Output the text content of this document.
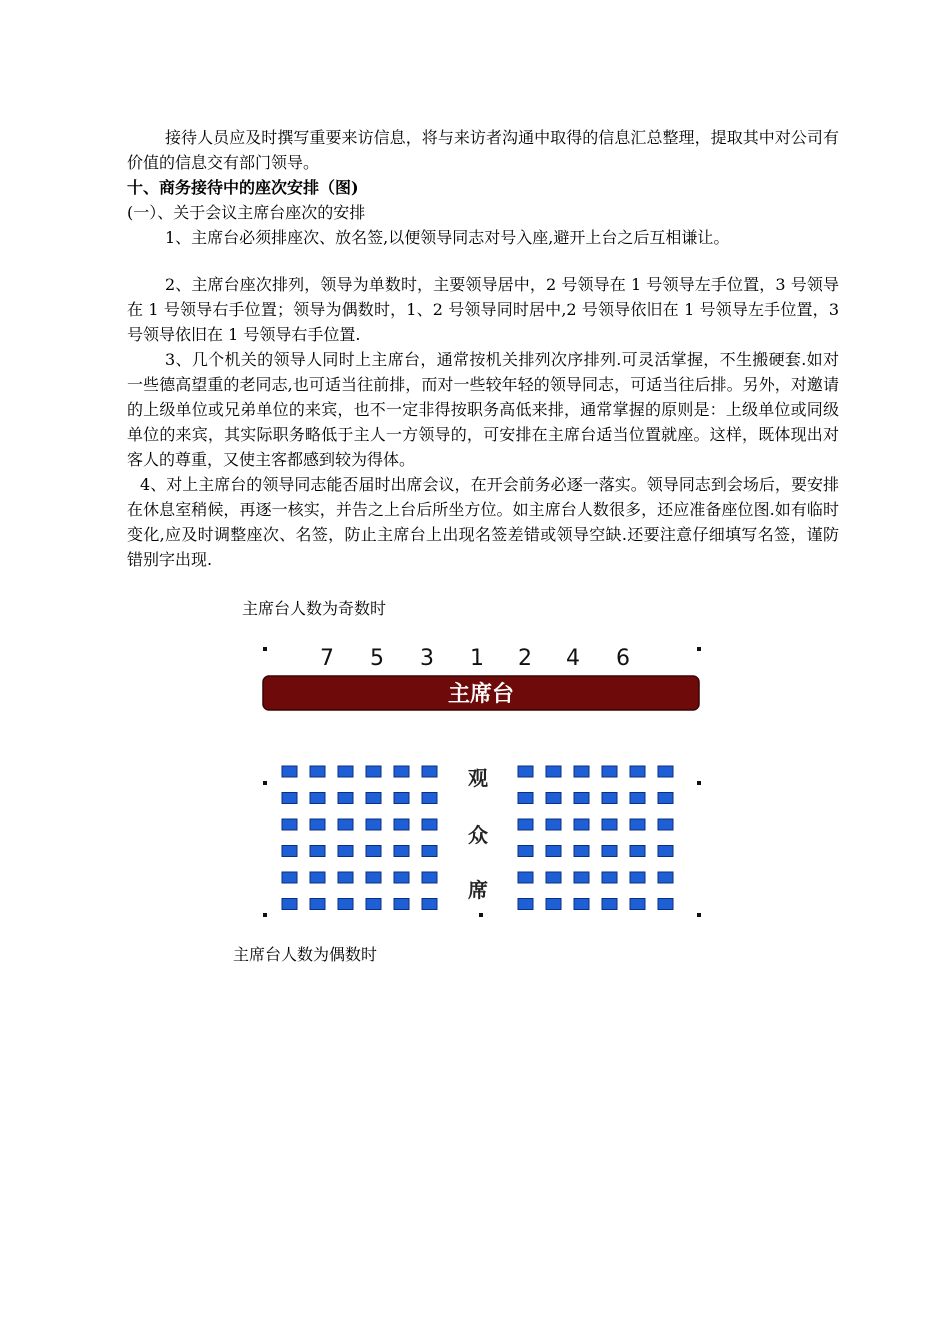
接待人员应及时撰写重要来访信息，将与来访者沟通中取得的信息汇总整理，提取其中对公司有价值的信息交有部门领导。

十、商务接待中的座次安排（图)

(一）、关于会议主席台座次的安排

1、主席台必须排座次、放名签,以便领导同志对号入座,避开上台之后互相谦让。

2、主席台座次排列，领导为单数时，主要领导居中，2 号领导在 1 号领导左手位置，3 号领导在 1 号领导右手位置；领导为偶数时，1、2 号领导同时居中,2 号领导依旧在 1 号领导左手位置，3 号领导依旧在 1 号领导右手位置.

3、几个机关的领导人同时上主席台，通常按机关排列次序排列.可灵活掌握，不生搬硬套.如对一些德高望重的老同志,也可适当往前排，而对一些较年轻的领导同志，可适当往后排。另外，对邀请的上级单位或兄弟单位的来宾，也不一定非得按职务高低来排，通常掌握的原则是：上级单位或同级单位的来宾，其实际职务略低于主人一方领导的，可安排在主席台适当位置就座。这样，既体现出对客人的尊重，又使主客都感到较为得体。

4、对上主席台的领导同志能否届时出席会议，在开会前务必逐一落实。领导同志到会场后，要安排在休息室稍候，再逐一核实，并告之上台后所坐方位。如主席台人数很多，还应准备座位图.如有临时变化,应及时调整座次、名签，防止主席台上出现名签差错或领导空缺.还要注意仔细填写名签，谨防错别字出现.

主席台人数为奇数时
7 5 3 1 2 4 6
主席台
观
众
席
主席台人数为偶数时
